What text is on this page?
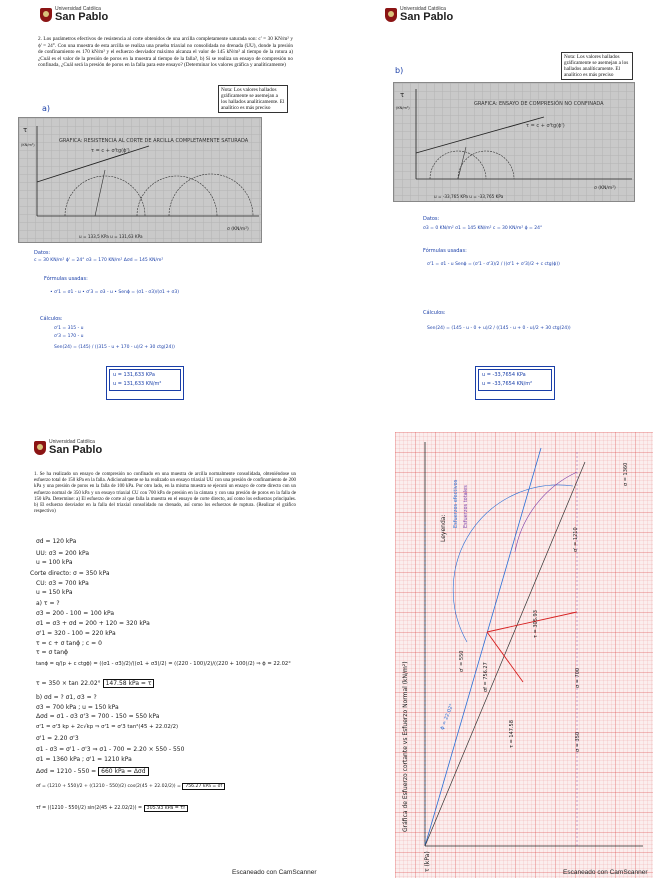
Universidad Católica
San Pablo
2. Los parámetros efectivos de resistencia al corte obtenidos de una arcilla completamente saturada son: c' = 30 KN/m² y ϕ' = 24°. Con una muestra de esta arcilla se realiza una prueba triaxial no consolidada no drenada (UU), donde la presión de confinamiento es 170 kN/m² y el esfuerzo desviador máximo alcanza el valor de 145 kN/m² al tiempo de la rotura a) ¿Cuál es el valor de la presión de poros en la muestra al tiempo de la falla?, b) Si se realiza un ensayo de compresión no confinada, ¿Cuál será la presión de poros en la falla para este ensayo? (Determinar los valores gráfica y analíticamente)
Nota: Los valores hallados gráficamente se asemejan a los hallados analíticamente. El analítico es más preciso
a)
GRAFICA: RESISTENCIA AL CORTE DE ARCILLA COMPLETAMENTE SATURADA
τ = c + σ'tg(ϕ')
τ
(KN/m²)
σ (KN/m²)
u = 133,5 KPa u = 131,63 KPa
Datos:
c = 30 KN/m² ϕ' = 24° σ3 = 170 KN/m² Δσd = 145 KN/m²
Fórmulas usadas:
• σ'1 = σ1 - u • σ'3 = σ3 - u • Senϕ = (σ1 - σ3)/(σ1 + σ3)
Cálculos:
σ'1 = 315 - u
σ'3 = 170 - u
Sen(24) = (145) / ((315 - u + 170 - u)/2 + 30 ctg(24))
u = 131,633 KPa
u = 131,633 KN/m²
Universidad Católica
San Pablo
Nota: Los valores hallados gráficamente se asemejan a los hallados analíticamente. El analítico es más preciso
b)
GRAFICA: ENSAYO DE COMPRESIÓN NO CONFINADA
τ = c + σ'tg(ϕ')
τ
(KN/m²)
σ (KN/m²)
u = -33,765 KPa u = -33,765 KPa
Datos:
σ3 = 0 KN/m² σ1 = 145 KN/m² c = 30 KN/m² ϕ = 24°
Fórmulas usadas:
σ'1 = σ1 - u Senϕ = (σ'1 - σ'3)/2 / ((σ'1 + σ'3)/2 + c ctg(ϕ))
Cálculos:
Sen(24) = (145 - u - 0 + u)/2 / ((145 - u + 0 - u)/2 + 30 ctg(24))
u = -33,7654 KPa
u = -33,7654 KN/m²
Universidad Católica
San Pablo
1. Se ha realizado un ensayo de compresión no confinado en una muestra de arcilla normalmente consolidada, obteniéndose un esfuerzo total de 150 kPa en la falla. Adicionalmente se ha realizado un ensayo triaxial UU con una presión de confinamiento de 200 kPa y una presión de poros en la falla de 100 kPa. Por otro lado, en la misma muestra se ejecutó un ensayo de corte directo con un esfuerzo normal de 350 kPa y un ensayo triaxial CU con 700 kPa de presión en la cámara y con una presión de poros en la falla de 150 kPa. Determine: a) El esfuerzo de corte al que falla la muestra en el ensayo de corte directo, así como los esfuerzos principales. b) El esfuerzo desviador en la falla del triaxial consolidado no drenado, así como los esfuerzos de ruptura. (Realizar el gráfico respectivo)
σd = 120 kPa
UU: σ3 = 200 kPa
u = 100 kPa
Corte directo: σ = 350 kPa
CU: σ3 = 700 kPa
u = 150 kPa
a) τ = ?
σ3 = 200 - 100 = 100 kPa
σ1 = σ3 + σd = 200 + 120 = 320 kPa
σ'1 = 320 - 100 = 220 kPa
τ = c + σ tanϕ ; c = 0
τ = σ tanϕ
tanϕ = q/(p + c ctgϕ) = ((σ1 - σ3)/2)/((σ1 + σ3)/2) = ((220 - 100)/2)/((220 + 100)/2) ⇒ ϕ = 22.02°
τ = 350 × tan 22.02° 147.58 kPa = τ
b) σd = ? σ1, σ3 = ?
σ3 = 700 kPa ; u = 150 kPa
Δσd = σ1 - σ3 σ'3 = 700 - 150 = 550 kPa
σ'1 = σ'3 kp + 2c√kp ⇒ σ'1 = σ'3 tan²(45 + 22.02/2)
σ'1 = 2.20 σ'3
σ1 - σ3 = σ'1 - σ'3 ⇒ σ1 - 700 = 2.20 × 550 - 550
σ1 = 1360 kPa ; σ'1 = 1210 kPa
Δσd = 1210 - 550 = 660 kPa = Δσd
σf = (1210 + 550)/2 + ((1210 - 550)/2) cos(2(45 + 22.02/2)) = 756.27 kPa = σf
τf = ((1210 - 550)/2) sin(2(45 + 22.02/2)) = 305.93 kPa = τf
Escaneado con CamScanner
Leyenda:
Esfuerzos efectivos Esfuerzos totales
Gráfica de Esfuerzo cortante vs Esfuerzo Normal (kN/m²)
τ (kPa)
σ = 1360
σ' = 1210
τ = 305.93
σf = 756.27	σ = 700
σ' = 550
σ = 350
τ = 147.58
ϕ = 22.02°
Escaneado con CamScanner
